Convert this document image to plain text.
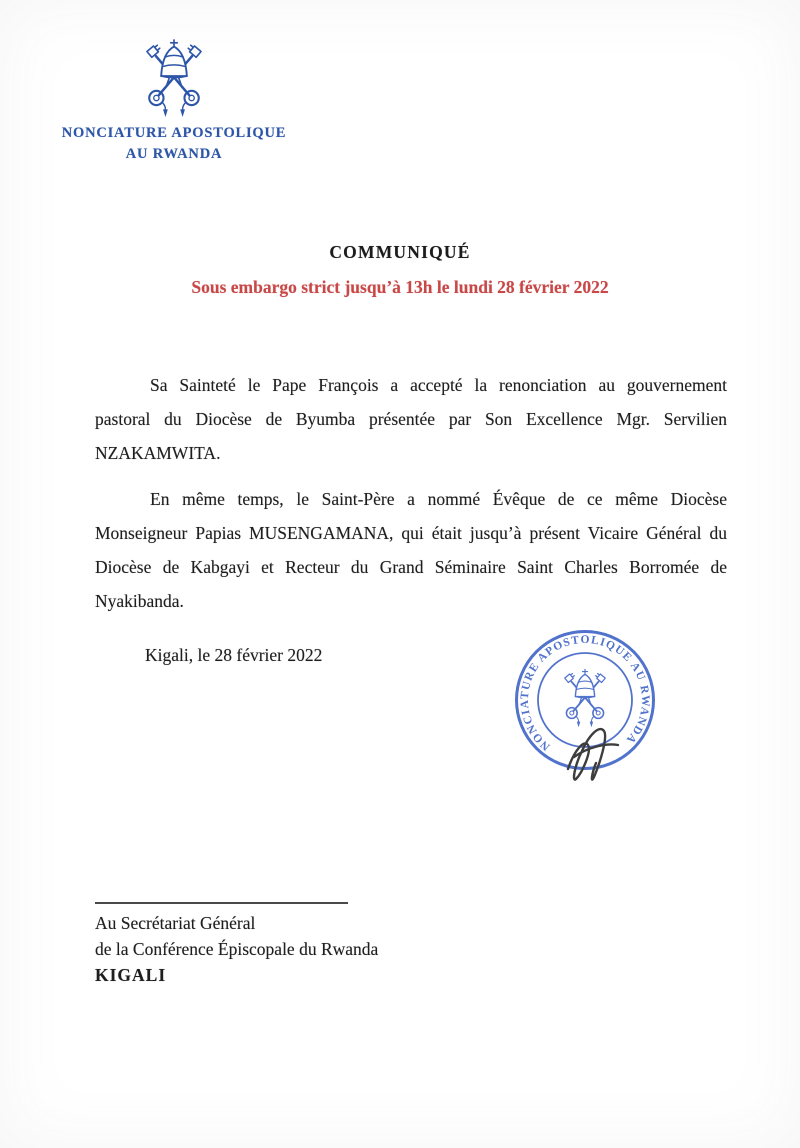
NONCIATURE APOSTOLIQUE
AU RWANDA
COMMUNIQUÉ
Sous embargo strict jusqu’à 13h le lundi 28 février 2022

Sa Sainteté le Pape François a accepté la renonciation au gouvernement pastoral du Diocèse de Byumba présentée par Son Excellence Mgr. Servilien NZAKAMWITA.

En même temps, le Saint-Père a nommé Évêque de ce même Diocèse Monseigneur Papias MUSENGAMANA, qui était jusqu’à présent Vicaire Général du Diocèse de Kabgayi et Recteur du Grand Séminaire Saint Charles Borromée de Nyakibanda.

Kigali, le 28 février 2022
NONCIATURE APOSTOLIQUE AU RWANDA

Au Secrétariat Général

de la Conférence Épiscopale du Rwanda

KIGALI
